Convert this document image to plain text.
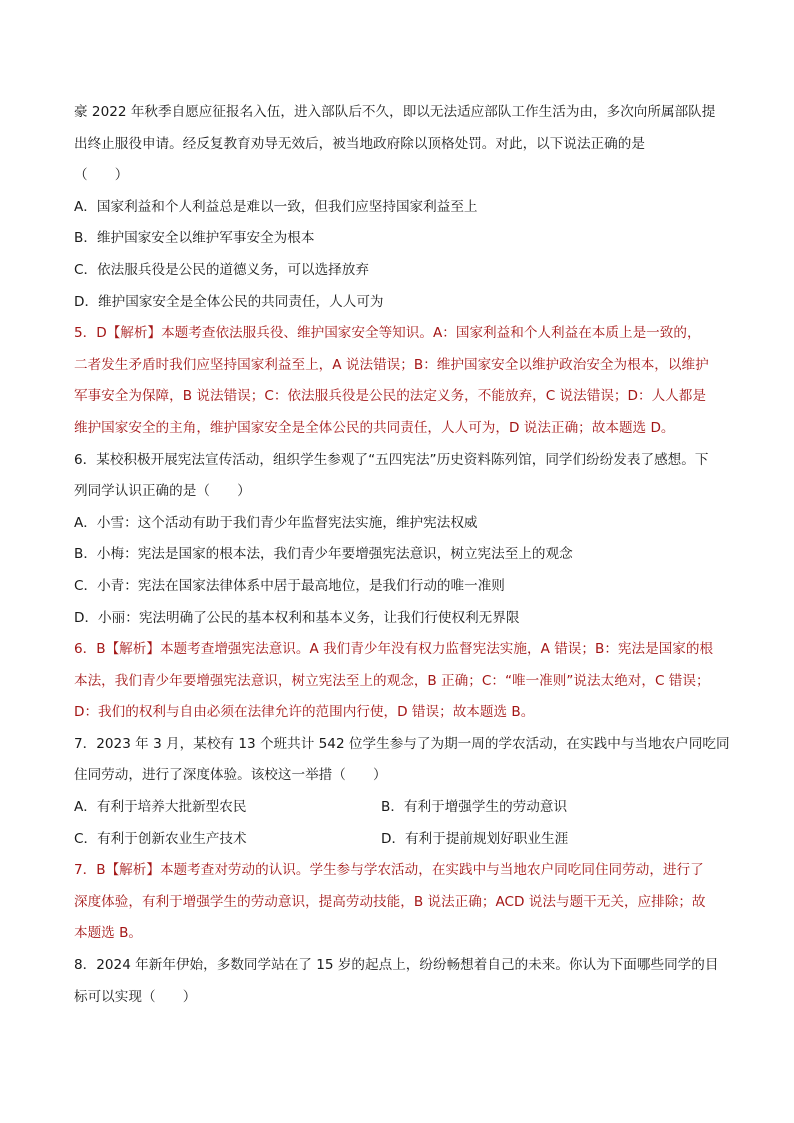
豪 2022 年秋季自愿应征报名入伍，进入部队后不久，即以无法适应部队工作生活为由，多次向所属部队提
出终止服役申请。经反复教育劝导无效后，被当地政府除以顶格处罚。对此，以下说法正确的是
（　　）
A．国家利益和个人利益总是难以一致，但我们应坚持国家利益至上
B．维护国家安全以维护军事安全为根本
C．依法服兵役是公民的道德义务，可以选择放弃
D．维护国家安全是全体公民的共同责任，人人可为
5．D【解析】本题考查依法服兵役、维护国家安全等知识。A：国家利益和个人利益在本质上是一致的，
二者发生矛盾时我们应坚持国家利益至上，A 说法错误；B：维护国家安全以维护政治安全为根本，以维护
军事安全为保障，B 说法错误；C：依法服兵役是公民的法定义务，不能放弃，C 说法错误；D：人人都是
维护国家安全的主角，维护国家安全是全体公民的共同责任，人人可为，D 说法正确；故本题选 D。
6．某校积极开展宪法宣传活动，组织学生参观了“五四宪法”历史资料陈列馆，同学们纷纷发表了感想。下
列同学认识正确的是（　　）
A．小雪：这个活动有助于我们青少年监督宪法实施，维护宪法权威
B．小梅：宪法是国家的根本法，我们青少年要增强宪法意识，树立宪法至上的观念
C．小青：宪法在国家法律体系中居于最高地位，是我们行动的唯一准则
D．小丽：宪法明确了公民的基本权利和基本义务，让我们行使权利无界限
6．B【解析】本题考查增强宪法意识。A 我们青少年没有权力监督宪法实施，A 错误；B：宪法是国家的根
本法，我们青少年要增强宪法意识，树立宪法至上的观念，B 正确；C：“唯一准则”说法太绝对，C 错误；
D：我们的权利与自由必须在法律允许的范围内行使，D 错误；故本题选 B。
7．2023 年 3 月，某校有 13 个班共计 542 位学生参与了为期一周的学农活动，在实践中与当地农户同吃同
住同劳动，进行了深度体验。该校这一举措（　　）
A．有利于培养大批新型农民	B．有利于增强学生的劳动意识
C．有利于创新农业生产技术	D．有利于提前规划好职业生涯
7．B【解析】本题考查对劳动的认识。学生参与学农活动，在实践中与当地农户同吃同住同劳动，进行了
深度体验，有利于增强学生的劳动意识，提高劳动技能，B 说法正确；ACD 说法与题干无关，应排除；故
本题选 B。
8．2024 年新年伊始，多数同学站在了 15 岁的起点上，纷纷畅想着自己的未来。你认为下面哪些同学的目
标可以实现（　　）
